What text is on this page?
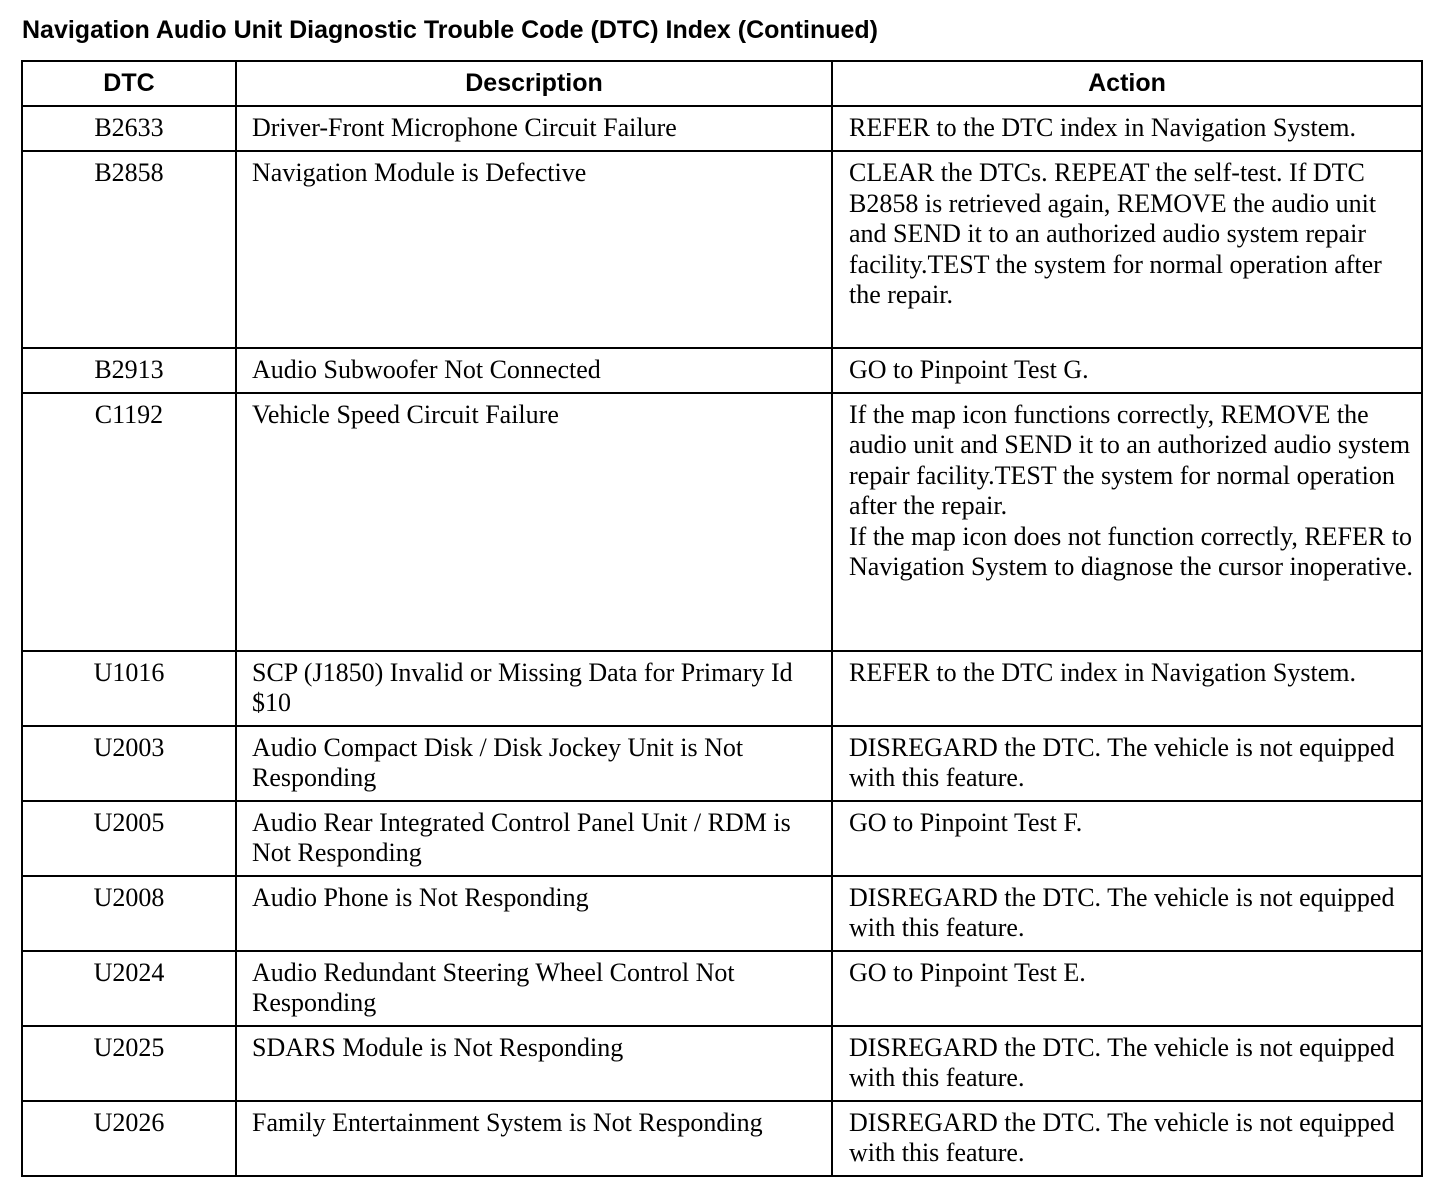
Navigation Audio Unit Diagnostic Trouble Code (DTC) Index (Continued)
DTC	Description	Action
B2633	Driver-Front Microphone Circuit Failure	REFER to the DTC index in Navigation System.
B2858	Navigation Module is Defective	CLEAR the DTCs. REPEAT the self-test. If DTC B2858 is retrieved again, REMOVE the audio unit and SEND it to an authorized audio system repair facility.TEST the system for normal operation after the repair.
B2913	Audio Subwoofer Not Connected	GO to Pinpoint Test G.
C1192	Vehicle Speed Circuit Failure	If the map icon functions correctly, REMOVE the audio unit and SEND it to an authorized audio system repair facility.TEST the system for normal operation after the repair.
If the map icon does not function correctly, REFER to Navigation System to diagnose the cursor inoperative.
U1016	SCP (J1850) Invalid or Missing Data for Primary Id $10	REFER to the DTC index in Navigation System.
U2003	Audio Compact Disk / Disk Jockey Unit is Not Responding	DISREGARD the DTC. The vehicle is not equipped with this feature.
U2005	Audio Rear Integrated Control Panel Unit / RDM is Not Responding	GO to Pinpoint Test F.
U2008	Audio Phone is Not Responding	DISREGARD the DTC. The vehicle is not equipped with this feature.
U2024	Audio Redundant Steering Wheel Control Not Responding	GO to Pinpoint Test E.
U2025	SDARS Module is Not Responding	DISREGARD the DTC. The vehicle is not equipped with this feature.
U2026	Family Entertainment System is Not Responding	DISREGARD the DTC. The vehicle is not equipped with this feature.
